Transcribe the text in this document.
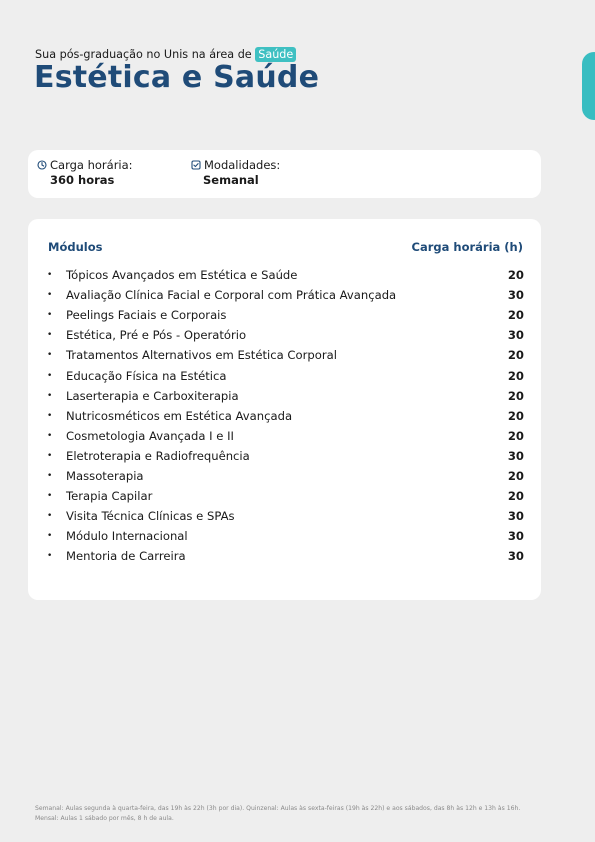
Sua pós-graduação no Unis na área de Saúde
Estética e Saúde
Carga horária:
360 horas
Modalidades:
Semanal
Módulos	Carga horária (h)
•	Tópicos Avançados em Estética e Saúde	20
•	Avaliação Clínica Facial e Corporal com Prática Avançada	30
•	Peelings Faciais e Corporais	20
•	Estética, Pré e Pós - Operatório	30
•	Tratamentos Alternativos em Estética Corporal	20
•	Educação Física na Estética	20
•	Laserterapia e Carboxiterapia	20
•	Nutricosméticos em Estética Avançada	20
•	Cosmetologia Avançada I e II	20
•	Eletroterapia e Radiofrequência	30
•	Massoterapia	20
•	Terapia Capilar	20
•	Visita Técnica Clínicas e SPAs	30
•	Módulo Internacional	30
•	Mentoria de Carreira	30
Semanal: Aulas segunda à quarta-feira, das 19h às 22h (3h por dia). Quinzenal: Aulas às sexta-feiras (19h às 22h) e aos sábados, das 8h às 12h e 13h às 16h.
Mensal: Aulas 1 sábado por mês, 8 h de aula.
